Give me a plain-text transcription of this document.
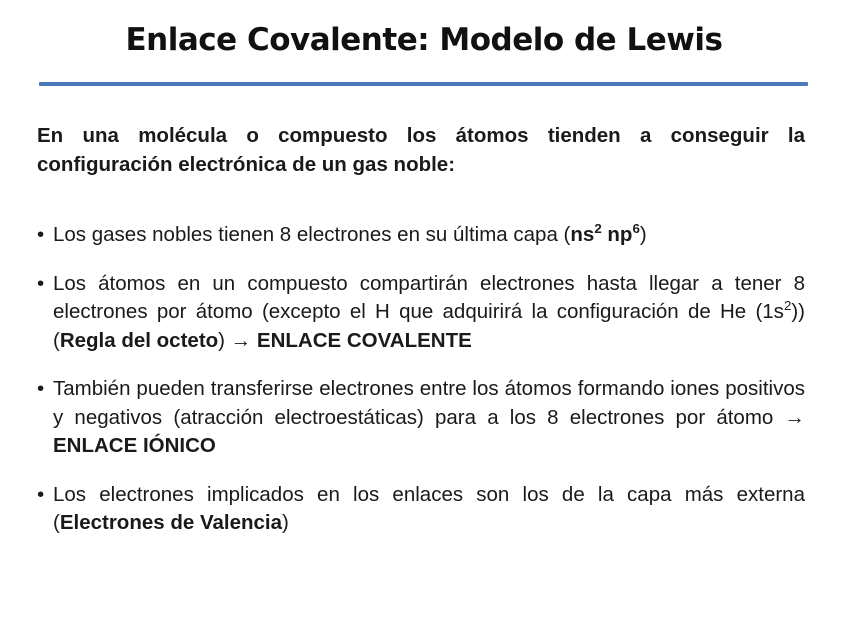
Enlace Covalente: Modelo de Lewis
En una molécula o compuesto los átomos tienden a conseguir la configuración electrónica de un gas noble:
• Los gases nobles tienen 8 electrones en su última capa ($ns^2$ $np^6$)
• Los átomos en un compuesto compartirán electrones hasta llegar a tener 8 electrones por átomo (excepto el H que adquirirá la configuración de He $(1s^2)$) (Regla del octeto) → ENLACE COVALENTE
• También pueden transferirse electrones entre los átomos formando iones positivos y negativos (atracción electroestáticas) para a los 8 electrones por átomo → ENLACE IÓNICO
• Los electrones implicados en los enlaces son los de la capa más externa (Electrones de Valencia)
